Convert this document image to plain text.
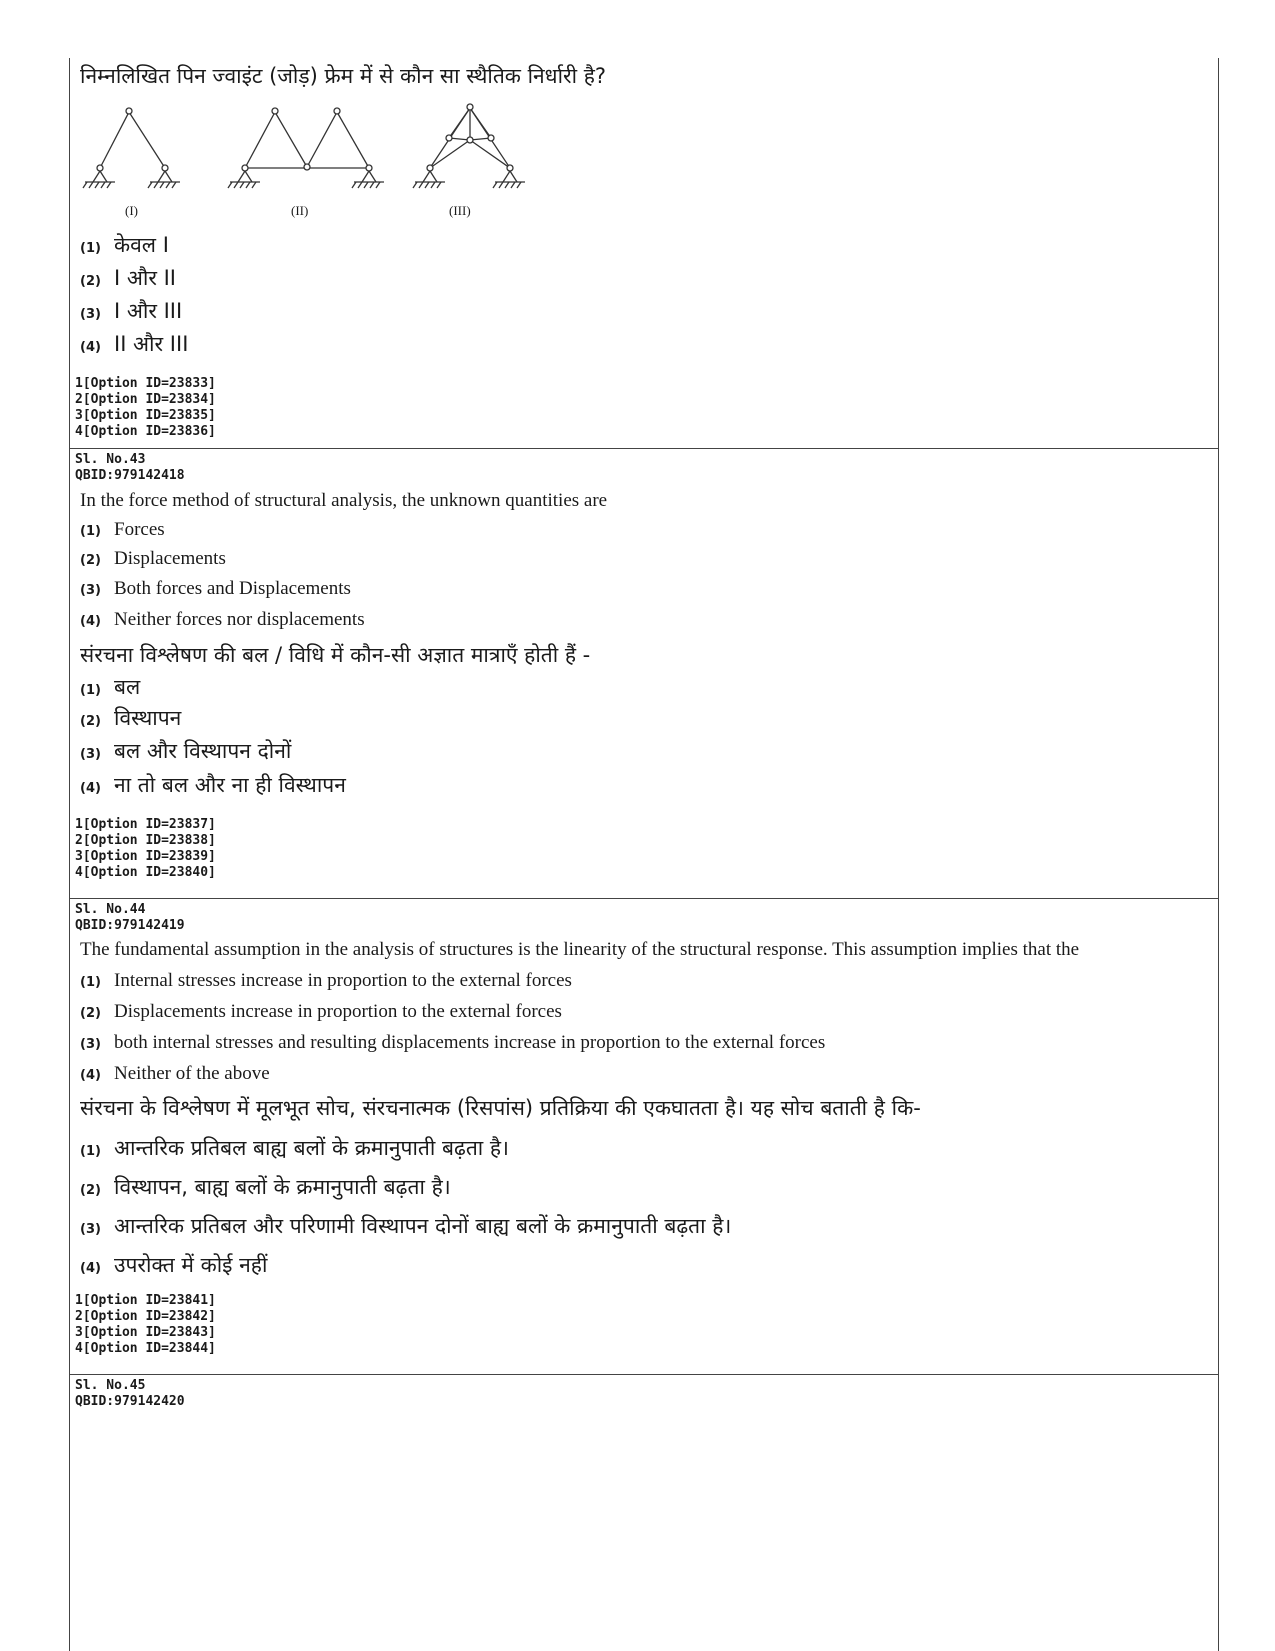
निम्नलिखित पिन ज्वाइंट (जोड़) फ्रेम में से कौन सा स्थैतिक निर्धारी है?
(I)	(II)	(III)
(1) केवल I
(2) I और II
(3) I और III
(4) II और III
1[Option ID=23833]
2[Option ID=23834]
3[Option ID=23835]
4[Option ID=23836]
Sl. No.43
QBID:979142418
In the force method of structural analysis, the unknown quantities are
(1) Forces
(2) Displacements
(3) Both forces and Displacements
(4) Neither forces nor displacements
संरचना विश्लेषण की बल / विधि में कौन-सी अज्ञात मात्राएँ होती हैं -
(1) बल
(2) विस्थापन
(3) बल और विस्थापन दोनों
(4) ना तो बल और ना ही विस्थापन
1[Option ID=23837]
2[Option ID=23838]
3[Option ID=23839]
4[Option ID=23840]
Sl. No.44
QBID:979142419
The fundamental assumption in the analysis of structures is the linearity of the structural response. This assumption implies that the
(1) Internal stresses increase in proportion to the external forces
(2) Displacements increase in proportion to the external forces
(3) both internal stresses and resulting displacements increase in proportion to the external forces
(4) Neither of the above
संरचना के विश्लेषण में मूलभूत सोच, संरचनात्मक (रिसपांस) प्रतिक्रिया की एकघातता है। यह सोच बताती है कि-
(1) आन्तरिक प्रतिबल बाह्य बलों के क्रमानुपाती बढ़ता है।
(2) विस्थापन, बाह्य बलों के क्रमानुपाती बढ़ता है।
(3) आन्तरिक प्रतिबल और परिणामी विस्थापन दोनों बाह्य बलों के क्रमानुपाती बढ़ता है।
(4) उपरोक्त में कोई नहीं
1[Option ID=23841]
2[Option ID=23842]
3[Option ID=23843]
4[Option ID=23844]
Sl. No.45
QBID:979142420
